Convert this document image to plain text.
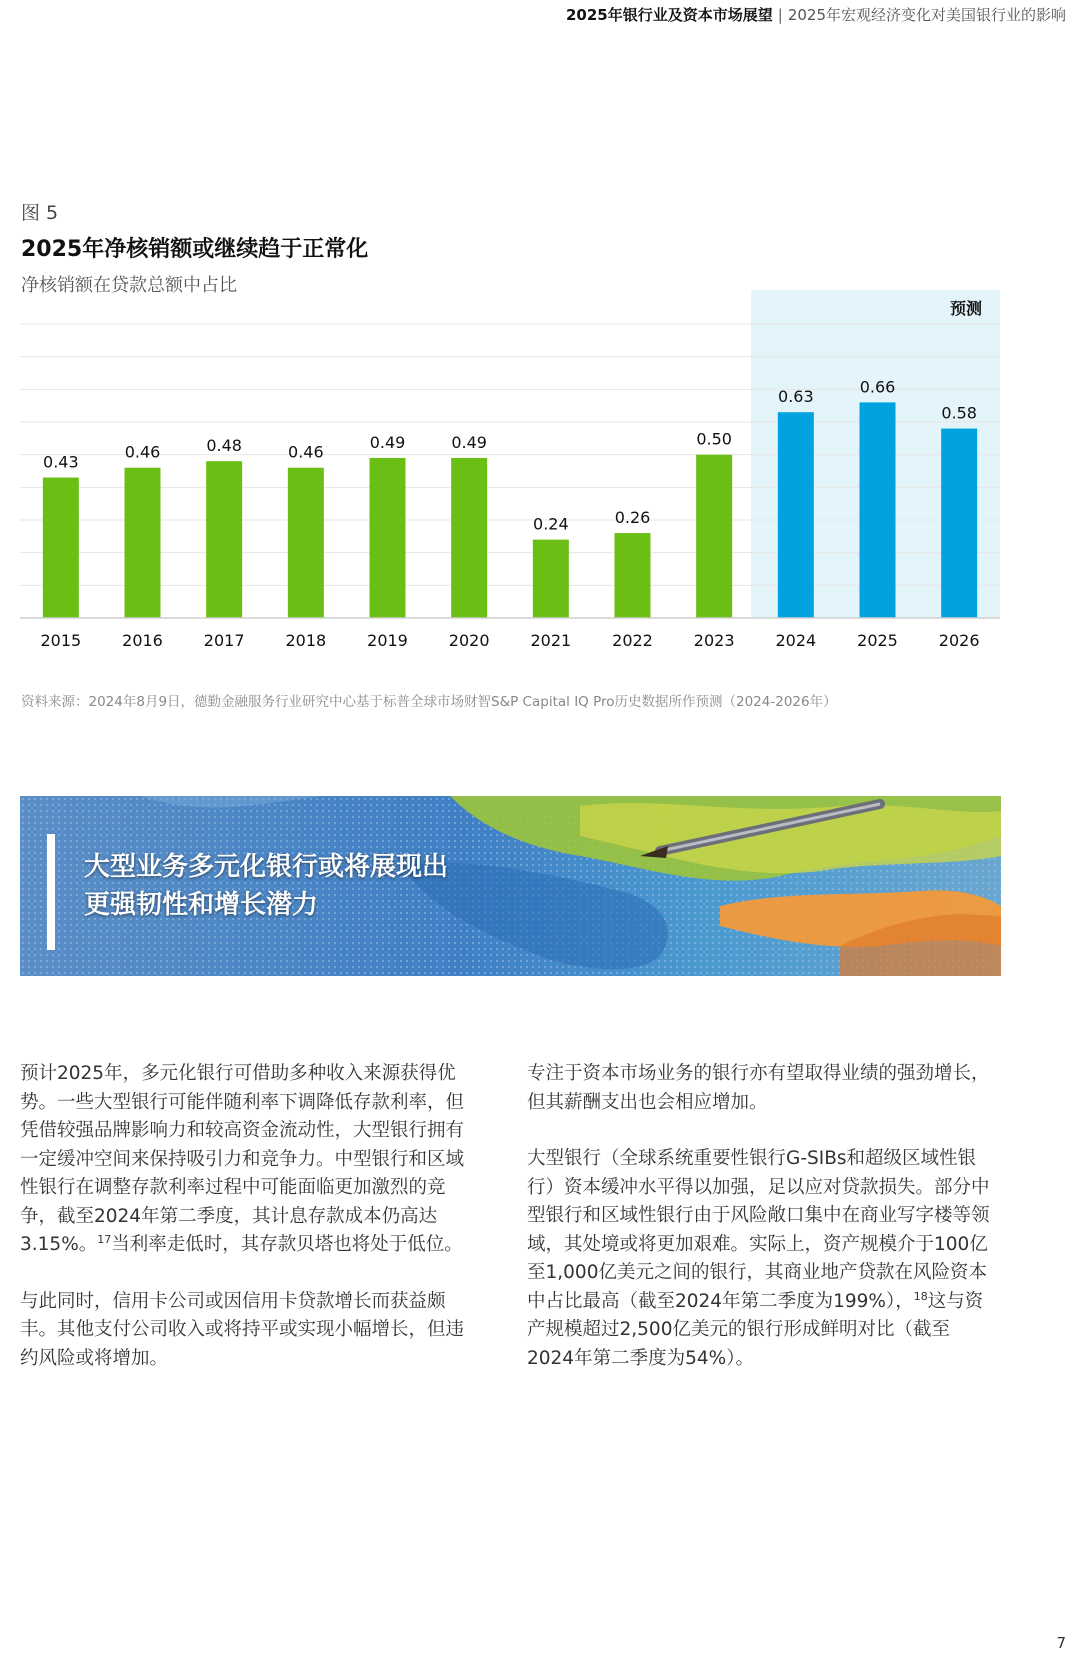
2025年银行业及资本市场展望 | 2025年宏观经济变化对美国银行业的影响
图 5
2025年净核销额或继续趋于正常化
净核销额在贷款总额中占比
0.43
0.46	0.48	0.46
0.49	0.49
0.24	0.26
0.50
0.63
0.66
0.58
2015	2016	2017	2018	2019	2020	2021	2022	2023	2024	2025	2026
预测
资料来源：2024年8月9日，德勤金融服务行业研究中心基于标普全球市场财智S&P Capital IQ Pro历史数据所作预测（2024-2026年）
大型业务多元化银行或将展现出
更强韧性和增长潜力

预计2025年，多元化银行可借助多种收入来源获得优势。一些大型银行可能伴随利率下调降低存款利率，但凭借较强品牌影响力和较高资金流动性，大型银行拥有一定缓冲空间来保持吸引力和竞争力。中型银行和区域性银行在调整存款利率过程中可能面临更加激烈的竞争，截至2024年第二季度，其计息存款成本仍高达3.15%。$^{17}$当利率走低时，其存款贝塔也将处于低位。

与此同时，信用卡公司或因信用卡贷款增长而获益颇丰。其他支付公司收入或将持平或实现小幅增长，但违约风险或将增加。

专注于资本市场业务的银行亦有望取得业绩的强劲增长，但其薪酬支出也会相应增加。

大型银行（全球系统重要性银行G-SIBs和超级区域性银行）资本缓冲水平得以加强，足以应对贷款损失。部分中型银行和区域性银行由于风险敞口集中在商业写字楼等领域，其处境或将更加艰难。实际上，资产规模介于100亿至1,000亿美元之间的银行，其商业地产贷款在风险资本中占比最高（截至2024年第二季度为199%），$^{18}$这与资产规模超过2,500亿美元的银行形成鲜明对比（截至2024年第二季度为54%）。

7
